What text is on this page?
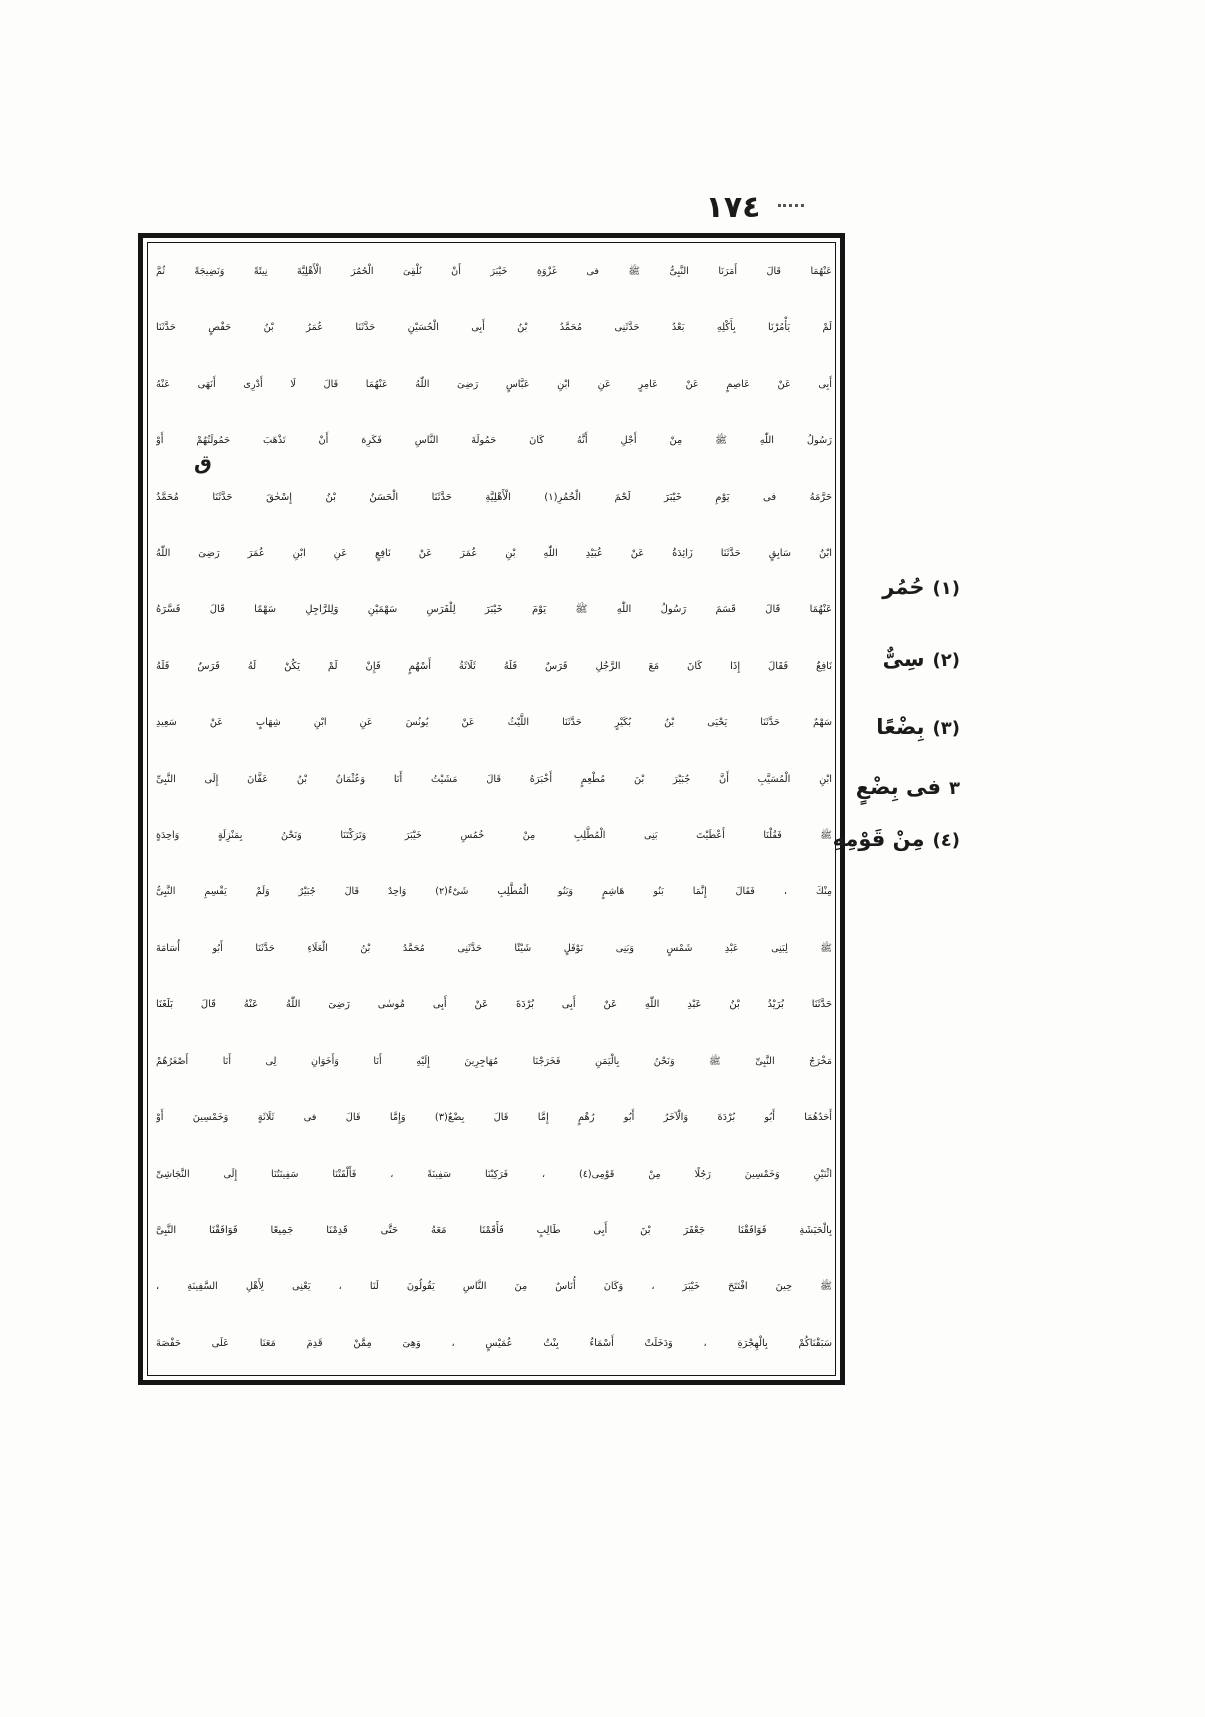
١٧٤
ق
عَنْهُمَا قَالَ أَمَرَنَا النَّبِىُّ ﷺ فى غَزْوَةِ خَيْبَرَ أَنْ نُلْقِىَ الْحُمُرَ الْأَهْلِيَّةَ نِيئَةً وَنَضِيجَةً ثُمَّ
لَمْ يَأْمُرْنَا بِأَكْلِهِ بَعْدُ حَدَّثَنِى مُحَمَّدُ بْنُ أَبِى الْحُسَيْنِ حَدَّثَنَا عُمَرُ بْنُ حَفْصٍ حَدَّثَنَا
أَبِى عَنْ عَاصِمٍ عَنْ عَامِرٍ عَنِ ابْنِ عَبَّاسٍ رَضِىَ اللّٰهُ عَنْهُمَا قَالَ لَا أَدْرِى أَنَهَى عَنْهُ
رَسُولُ اللّٰهِ ﷺ مِنْ أَجْلِ أَنَّهُ كَانَ حَمُولَةَ النَّاسِ فَكَرِهَ أَنْ تَذْهَبَ حَمُولَتُهُمْ أَوْ
حَرَّمَهُ فى يَوْمِ خَيْبَرَ لَحْمَ الْحُمُرِ(١) الْأَهْلِيَّةِ حَدَّثَنَا الْحَسَنُ بْنُ إِسْحٰقَ حَدَّثَنَا مُحَمَّدُ
ابْنُ سَابِقٍ حَدَّثَنَا زَائِدَةُ عَنْ عُبَيْدِ اللّٰهِ بْنِ عُمَرَ عَنْ نَافِعٍ عَنِ ابْنِ عُمَرَ رَضِىَ اللّٰهُ
عَنْهُمَا قَالَ قَسَمَ رَسُولُ اللّٰهِ ﷺ يَوْمَ خَيْبَرَ لِلْفَرَسِ سَهْمَيْنِ وَلِلرَّاجِلِ سَهْمًا قَالَ فَسَّرَهُ
نَافِعٌ فَقَالَ إِذَا كَانَ مَعَ الرَّجُلِ فَرَسٌ فَلَهُ ثَلَاثَةُ أَسْهُمٍ فَإِنْ لَمْ يَكُنْ لَهُ فَرَسٌ فَلَهُ
سَهْمٌ حَدَّثَنَا يَحْيَى بْنُ بُكَيْرٍ حَدَّثَنَا اللَّيْثُ عَنْ يُونُسَ عَنِ ابْنِ شِهَابٍ عَنْ سَعِيدِ
ابْنِ الْمُسَيَّبِ أَنَّ جُبَيْرَ بْنَ مُطْعِمٍ أَخْبَرَهُ قَالَ مَشَيْتُ أَنَا وَعُثْمَانُ بْنُ عَفَّانَ إِلَى النَّبِىِّ
ﷺ فَقُلْنَا أَعْطَيْتَ بَنِى الْمُطَّلِبِ مِنْ خُمُسِ خَيْبَرَ وَتَرَكْتَنَا وَنَحْنُ بِمَنْزِلَةٍ وَاحِدَةٍ
مِنْكَ ، فَقَالَ إِنَّمَا بَنُو هَاشِمٍ وَبَنُو الْمُطَّلِبِ شَىْءٌ(٢) وَاحِدٌ قَالَ جُبَيْرٌ وَلَمْ يَقْسِمِ النَّبِىُّ
ﷺ لِبَنِى عَبْدِ شَمْسٍ وَبَنِى نَوْفَلٍ شَيْئًا حَدَّثَنِى مُحَمَّدُ بْنُ الْعَلَاءِ حَدَّثَنَا أَبُو أُسَامَةَ
حَدَّثَنَا بُرَيْدُ بْنُ عَبْدِ اللّٰهِ عَنْ أَبِى بُرْدَةَ عَنْ أَبِى مُوسٰى رَضِىَ اللّٰهُ عَنْهُ قَالَ بَلَغَنَا
مَخْرَجُ النَّبِىِّ ﷺ وَنَحْنُ بِالْيَمَنِ فَخَرَجْنَا مُهَاجِرِينَ إِلَيْهِ أَنَا وَأَخَوَانِ لِى أَنَا أَصْغَرُهُمْ
أَحَدُهُمَا أَبُو بُرْدَةَ وَالْآخَرُ أَبُو رُهْمٍ إِمَّا قَالَ بِضْعٌ(٣) وَإِمَّا قَالَ فى ثَلَاثَةٍ وَخَمْسِينَ أَوْ
اثْنَيْنِ وَخَمْسِينَ رَجُلًا مِنْ قَوْمِى(٤) ، فَرَكِبْنَا سَفِينَةً ، فَأَلْقَتْنَا سَفِينَتُنَا إِلَى النَّجَاشِىِّ
بِالْحَبَشَةِ فَوَافَقْنَا جَعْفَرَ بْنَ أَبِى طَالِبٍ فَأَقَمْنَا مَعَهُ حَتَّى قَدِمْنَا جَمِيعًا فَوَافَقْنَا النَّبِىَّ
ﷺ حِينَ افْتَتَحَ خَيْبَرَ ، وَكَانَ أُنَاسٌ مِنَ النَّاسِ يَقُولُونَ لَنَا ، يَعْنِى لِأَهْلِ السَّفِينَةِ ،
سَبَقْنَاكُمْ بِالْهِجْرَةِ ، وَدَخَلَتْ أَسْمَاءُ بِنْتُ عُمَيْسٍ ، وَهِىَ مِمَّنْ قَدِمَ مَعَنَا عَلَى حَفْصَةَ
(١)حُمُر
(٢)سِىٌّ
(٣)بِضْعًا
٣فى بِضْعٍ
(٤)مِنْ قَوْمِهِ
